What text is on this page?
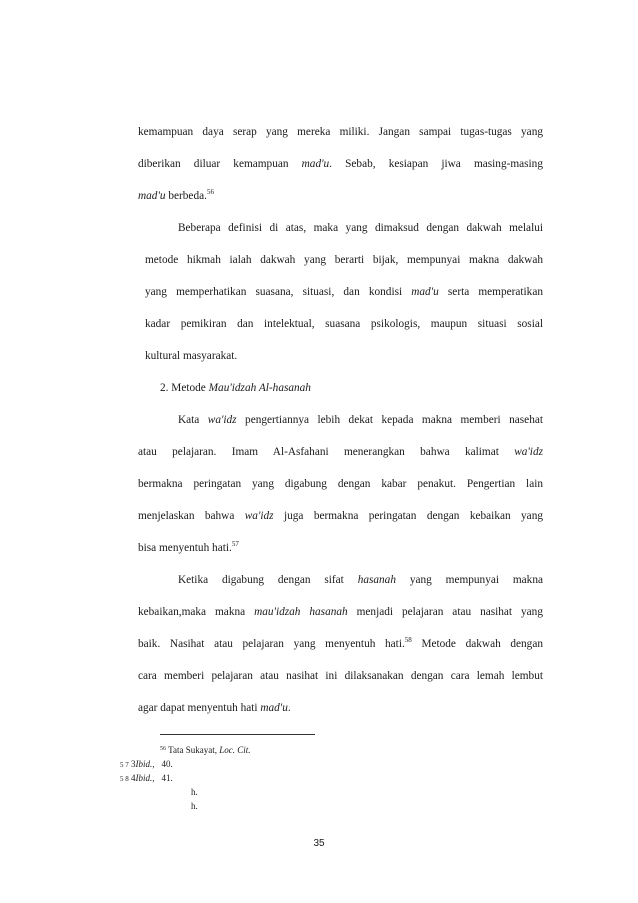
kemampuan daya serap yang mereka miliki. Jangan sampai tugas-tugas yang
diberikan diluar kemampuan mad'u. Sebab, kesiapan jiwa masing-masing
mad'u berbeda.$^{56}$
Beberapa definisi di atas, maka yang dimaksud dengan dakwah melalui
metode hikmah ialah dakwah yang berarti bijak, mempunyai makna dakwah
yang memperhatikan suasana, situasi, dan kondisi mad'u serta memperatikan
kadar pemikiran dan intelektual, suasana psikologis, maupun situasi sosial
kultural masyarakat.
2. Metode Mau'idzah Al-hasanah
Kata wa'idz pengertiannya lebih dekat kepada makna memberi nasehat
atau pelajaran. Imam Al-Asfahani menerangkan bahwa kalimat wa'idz
bermakna peringatan yang digabung dengan kabar penakut. Pengertian lain
menjelaskan bahwa wa'idz juga bermakna peringatan dengan kebaikan yang
bisa menyentuh hati.$^{57}$
Ketika digabung dengan sifat hasanah yang mempunyai makna
kebaikan,maka makna mau'idzah hasanah menjadi pelajaran atau nasihat yang
baik. Nasihat atau pelajaran yang menyentuh hati.$^{58}$ Metode dakwah dengan
cara memberi pelajaran atau nasihat ini dilaksanakan dengan cara lemah lembut
agar dapat menyentuh hati mad'u.
$^{56}$ Tata Sukayat, Loc. Cit.
5 7 3Ibid., 40.
5 8 4Ibid., 41.
h.
h.
35
